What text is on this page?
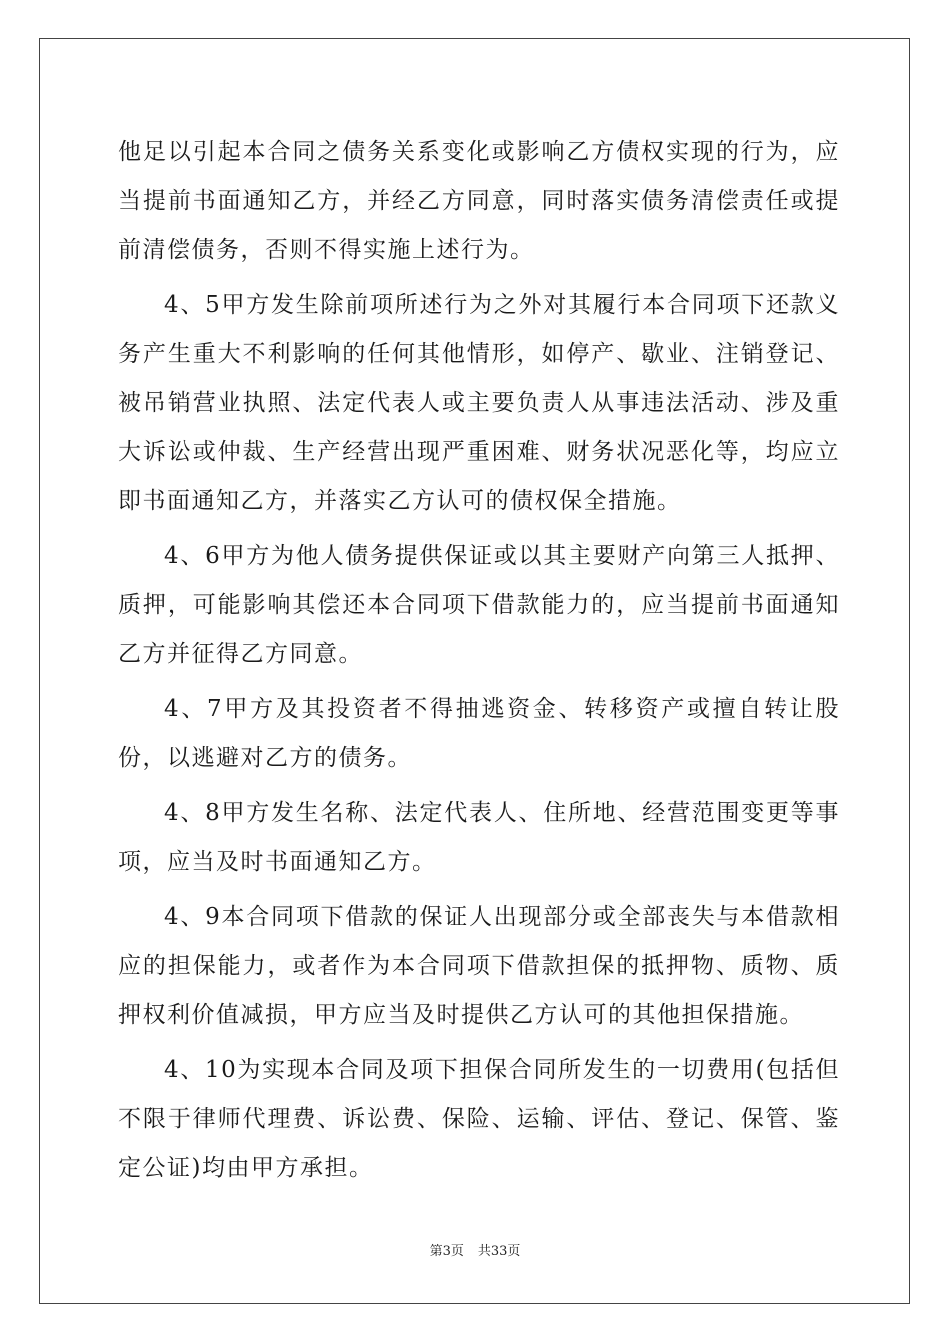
他足以引起本合同之债务关系变化或影响乙方债权实现的行为，应当提前书面通知乙方，并经乙方同意，同时落实债务清偿责任或提前清偿债务，否则不得实施上述行为。

4、5甲方发生除前项所述行为之外对其履行本合同项下还款义务产生重大不利影响的任何其他情形，如停产、歇业、注销登记、被吊销营业执照、法定代表人或主要负责人从事违法活动、涉及重大诉讼或仲裁、生产经营出现严重困难、财务状况恶化等，均应立即书面通知乙方，并落实乙方认可的债权保全措施。

4、6甲方为他人债务提供保证或以其主要财产向第三人抵押、质押，可能影响其偿还本合同项下借款能力的，应当提前书面通知乙方并征得乙方同意。

4、7甲方及其投资者不得抽逃资金、转移资产或擅自转让股份，以逃避对乙方的债务。

4、8甲方发生名称、法定代表人、住所地、经营范围变更等事项，应当及时书面通知乙方。

4、9本合同项下借款的保证人出现部分或全部丧失与本借款相应的担保能力，或者作为本合同项下借款担保的抵押物、质物、质押权利价值减损，甲方应当及时提供乙方认可的其他担保措施。

4、10为实现本合同及项下担保合同所发生的一切费用(包括但不限于律师代理费、诉讼费、保险、运输、评估、登记、保管、鉴定公证)均由甲方承担。

第3页 共33页
